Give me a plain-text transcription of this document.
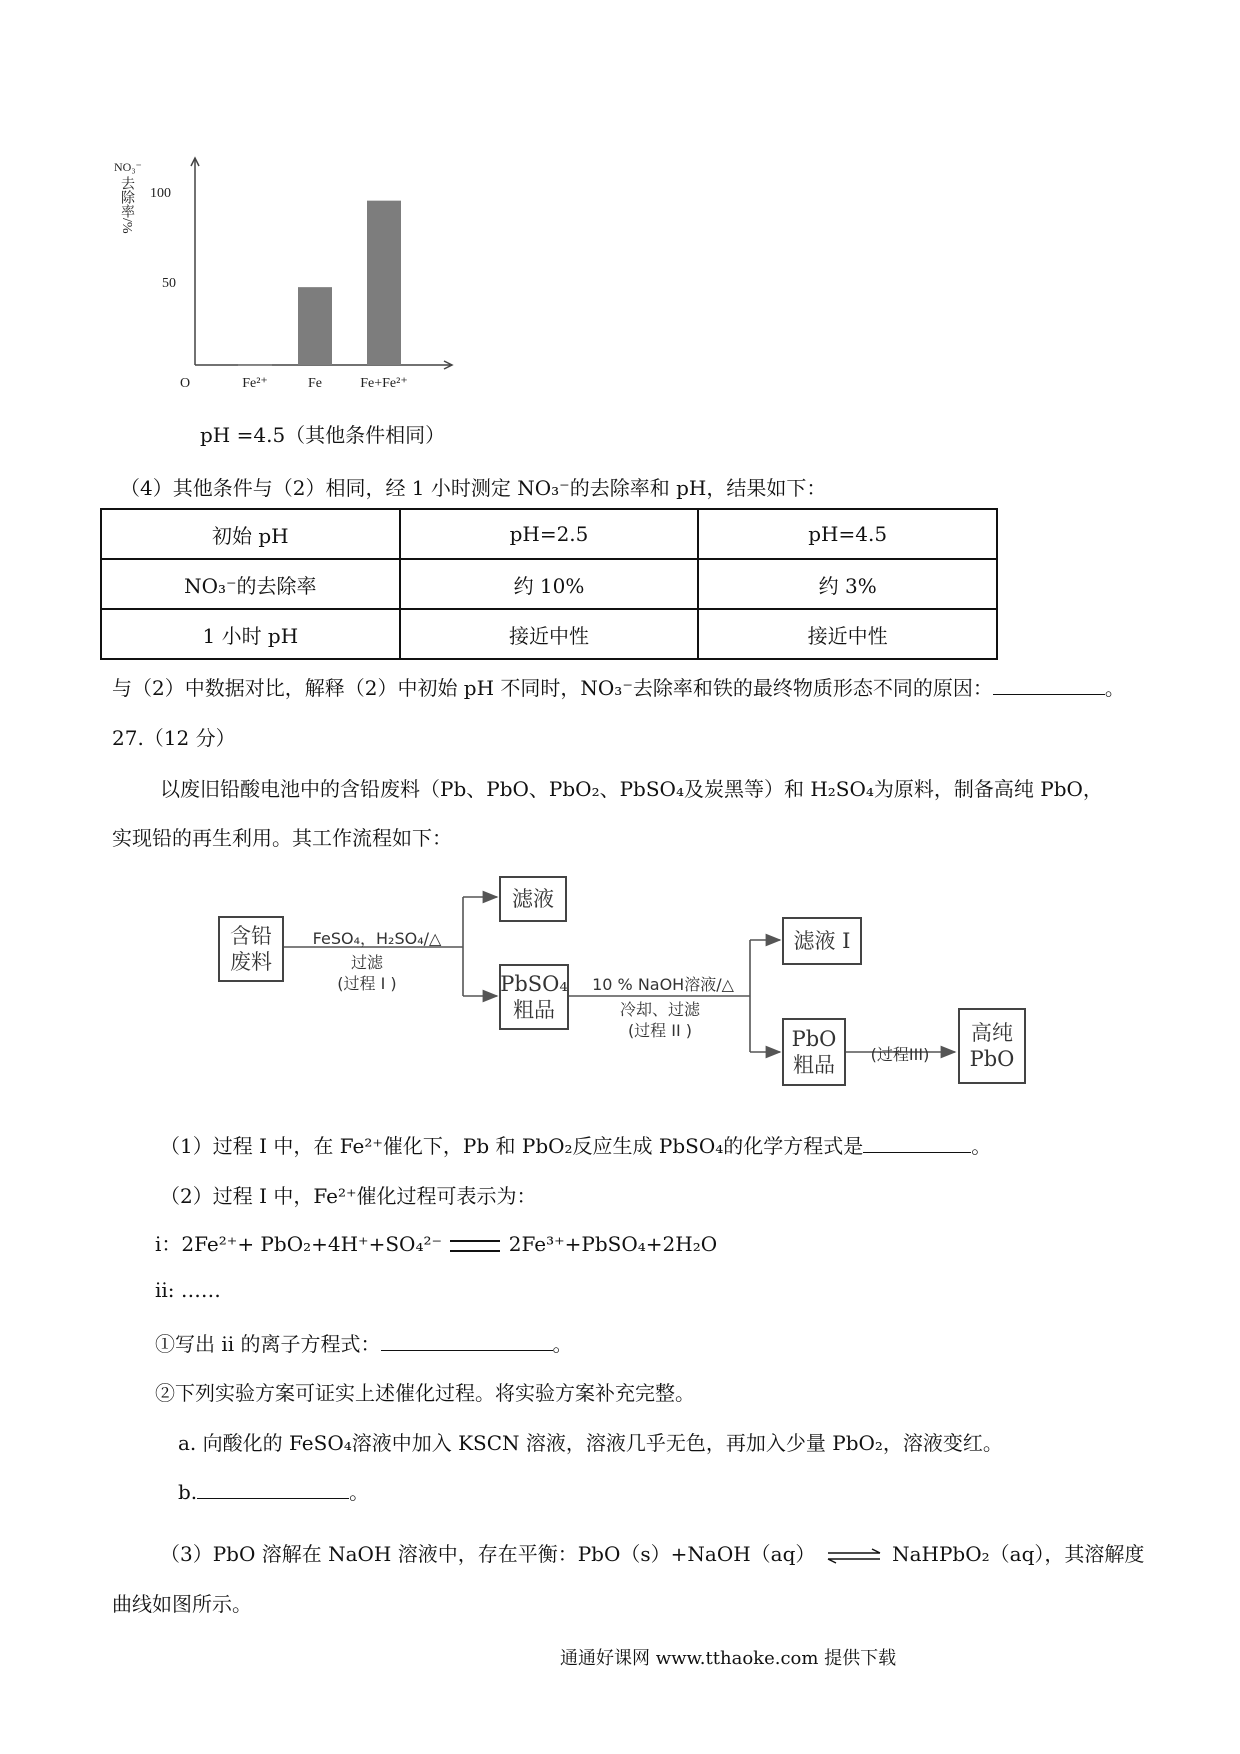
NO₃⁻
去除率/% 100
50
O	Fe²⁺	Fe	Fe+Fe²⁺
pH =4.5（其他条件相同）
（4）其他条件与（2）相同，经 1 小时测定 NO₃⁻的去除率和 pH，结果如下：
初始 pH	pH=2.5	pH=4.5
NO₃⁻的去除率	约 10%	约 3%
1 小时 pH	接近中性	接近中性
与（2）中数据对比，解释（2）中初始 pH 不同时，NO₃⁻去除率和铁的最终物质形态不同的原因：	。
27.（12 分）
以废旧铅酸电池中的含铅废料（Pb、PbO、PbO₂、PbSO₄及炭黑等）和 H₂SO₄为原料，制备高纯 PbO，
实现铅的再生利用。其工作流程如下：
含铅
废料
FeSO₄，H₂SO₄/△
过滤
(过程 I )
滤液
PbSO₄
粗品
10 % NaOH溶液/△
冷却、过滤
(过程 II )
滤液 I
PbO
粗品	(过程III)
高纯
PbO
（1）过程 I 中，在 Fe²⁺催化下，Pb 和 PbO₂反应生成 PbSO₄的化学方程式是	。
（2）过程 I 中，Fe²⁺催化过程可表示为：
i：2Fe²⁺+ PbO₂+4H⁺+SO₄²⁻	2Fe³⁺+PbSO₄+2H₂O
ii: ……
①写出 ii 的离子方程式：	。
②下列实验方案可证实上述催化过程。将实验方案补充完整。
a. 向酸化的 FeSO₄溶液中加入 KSCN 溶液，溶液几乎无色，再加入少量 PbO₂，溶液变红。
b.	。
（3）PbO 溶解在 NaOH 溶液中，存在平衡：PbO（s）+NaOH（aq） ⇌ NaHPbO₂（aq），其溶解度
曲线如图所示。
通通好课网 www.tthaoke.com 提供下载
